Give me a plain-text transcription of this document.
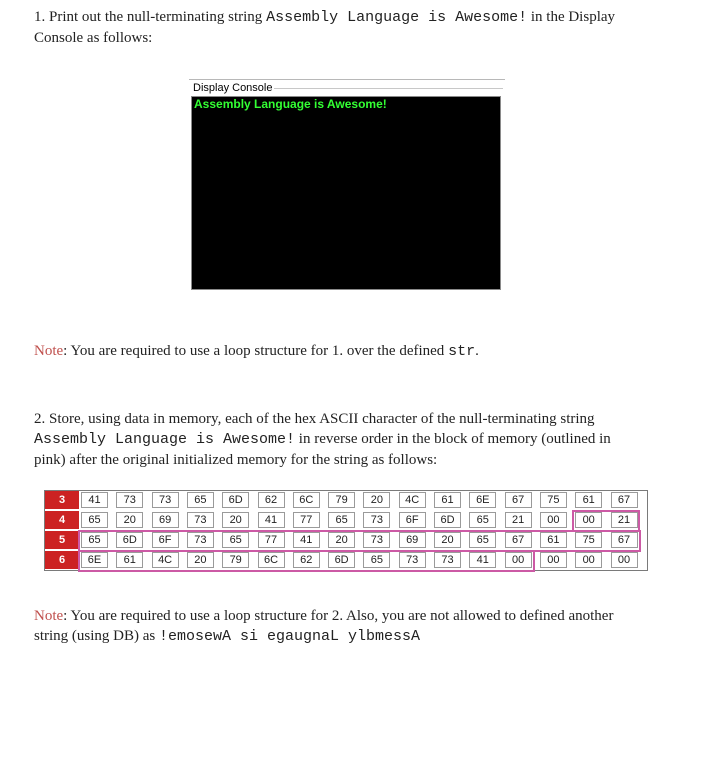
1. Print out the null-terminating string Assembly Language is Awesome! in the Display
Console as follows:

Display Console

Assembly Language is Awesome!

Note: You are required to use a loop structure for 1. over the defined str.

2. Store, using data in memory, each of the hex ASCII character of the null-terminating string
Assembly Language is Awesome! in reverse order in the block of memory (outlined in
pink) after the original initialized memory for the string as follows:

3	41	73	73	65	6D	62	6C	79	20	4C	61	6E	67	75	61	67
4	65	20	69	73	20	41	77	65	73	6F	6D	65	21	00	00	21
5	65	6D	6F	73	65	77	41	20	73	69	20	65	67	61	75	67
6	6E	61	4C	20	79	6C	62	6D	65	73	73	41	00	00	00	00

Note: You are required to use a loop structure for 2. Also, you are not allowed to defined another
string (using DB) as !emosewA si egaugnaL ylbmessA
